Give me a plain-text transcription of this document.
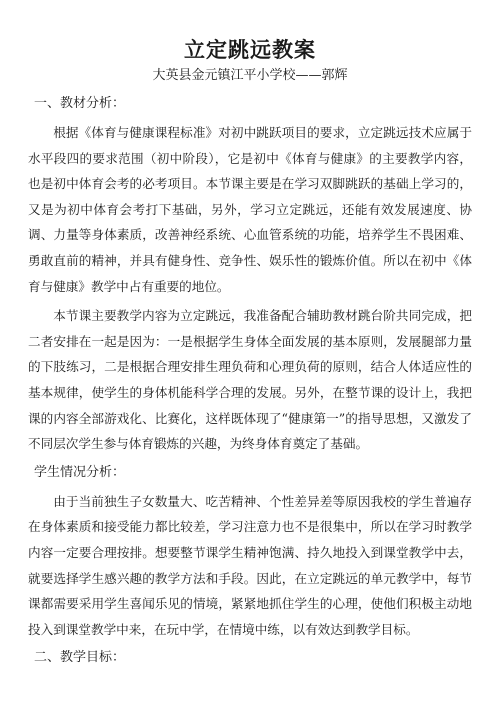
立定跳远教案
大英县金元镇江平小学校——郭辉
一、教材分析：

根据《体育与健康课程标准》对初中跳跃项目的要求，立定跳远技术应属于水平段四的要求范围（初中阶段），它是初中《体育与健康》的主要教学内容，也是初中体育会考的必考项目。本节课主要是在学习双脚跳跃的基础上学习的，又是为初中体育会考打下基础，另外，学习立定跳远，还能有效发展速度、协调、力量等身体素质，改善神经系统、心血管系统的功能，培养学生不畏困难、勇敢直前的精神，并具有健身性、竞争性、娱乐性的锻炼价值。所以在初中《体育与健康》教学中占有重要的地位。

本节课主要教学内容为立定跳远，我准备配合辅助教材跳台阶共同完成，把二者安排在一起是因为：一是根据学生身体全面发展的基本原则，发展腿部力量的下肢练习，二是根据合理安排生理负荷和心理负荷的原则，结合人体适应性的基本规律，使学生的身体机能科学合理的发展。另外，在整节课的设计上，我把课的内容全部游戏化、比赛化，这样既体现了“健康第一”的指导思想，又激发了不同层次学生参与体育锻炼的兴趣，为终身体育奠定了基础。

学生情况分析：

由于当前独生子女数量大、吃苦精神、个性差异差等原因我校的学生普遍存在身体素质和接受能力都比较差，学习注意力也不是很集中，所以在学习时教学内容一定要合理按排。想要整节课学生精神饱满、持久地投入到课堂教学中去，就要选择学生感兴趣的教学方法和手段。因此，在立定跳远的单元教学中，每节课都需要采用学生喜闻乐见的情境，紧紧地抓住学生的心理，使他们积极主动地投入到课堂教学中来，在玩中学，在情境中练，以有效达到教学目标。

二、教学目标：
